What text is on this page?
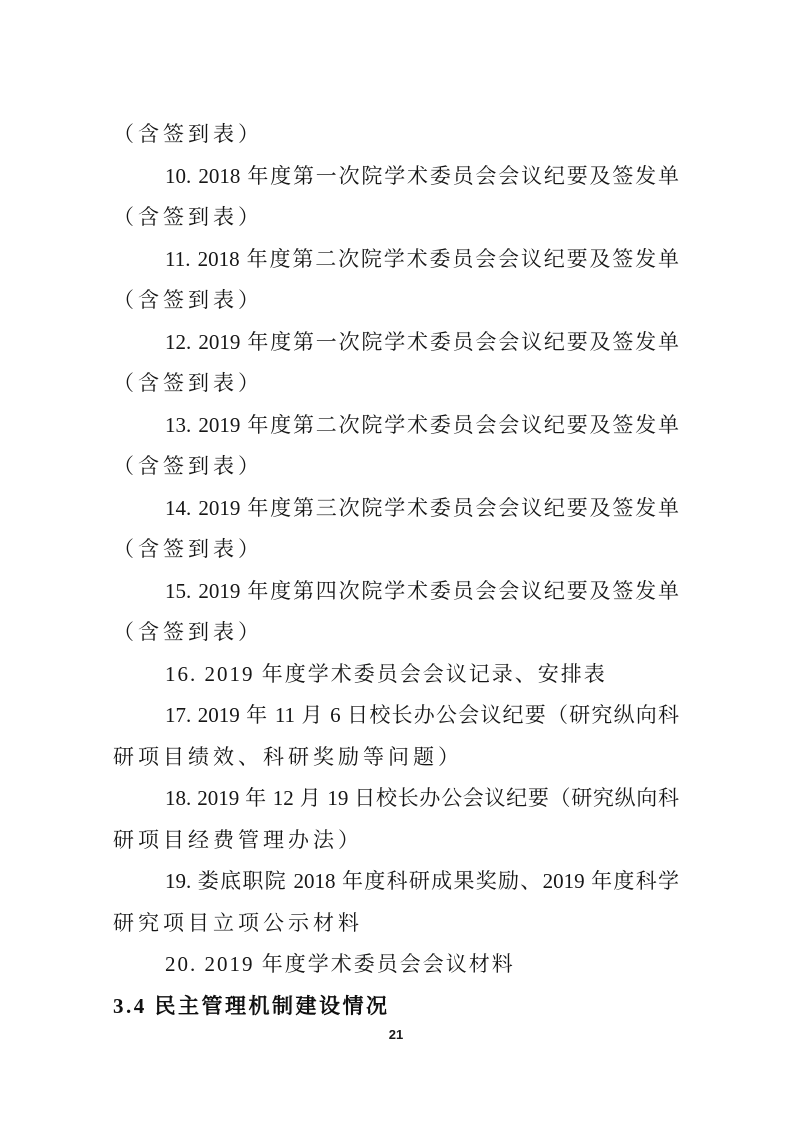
（含签到表）
10. 2018 年度第一次院学术委员会会议纪要及签发单
（含签到表）
11. 2018 年度第二次院学术委员会会议纪要及签发单
（含签到表）
12. 2019 年度第一次院学术委员会会议纪要及签发单
（含签到表）
13. 2019 年度第二次院学术委员会会议纪要及签发单
（含签到表）
14. 2019 年度第三次院学术委员会会议纪要及签发单
（含签到表）
15. 2019 年度第四次院学术委员会会议纪要及签发单
（含签到表）
16. 2019 年度学术委员会会议记录、安排表
17. 2019 年 11 月 6 日校长办公会议纪要（研究纵向科
研项目绩效、科研奖励等问题）
18. 2019 年 12 月 19 日校长办公会议纪要（研究纵向科
研项目经费管理办法）
19. 娄底职院 2018 年度科研成果奖励、2019 年度科学
研究项目立项公示材料
20. 2019 年度学术委员会会议材料
3.4 民主管理机制建设情况
21
